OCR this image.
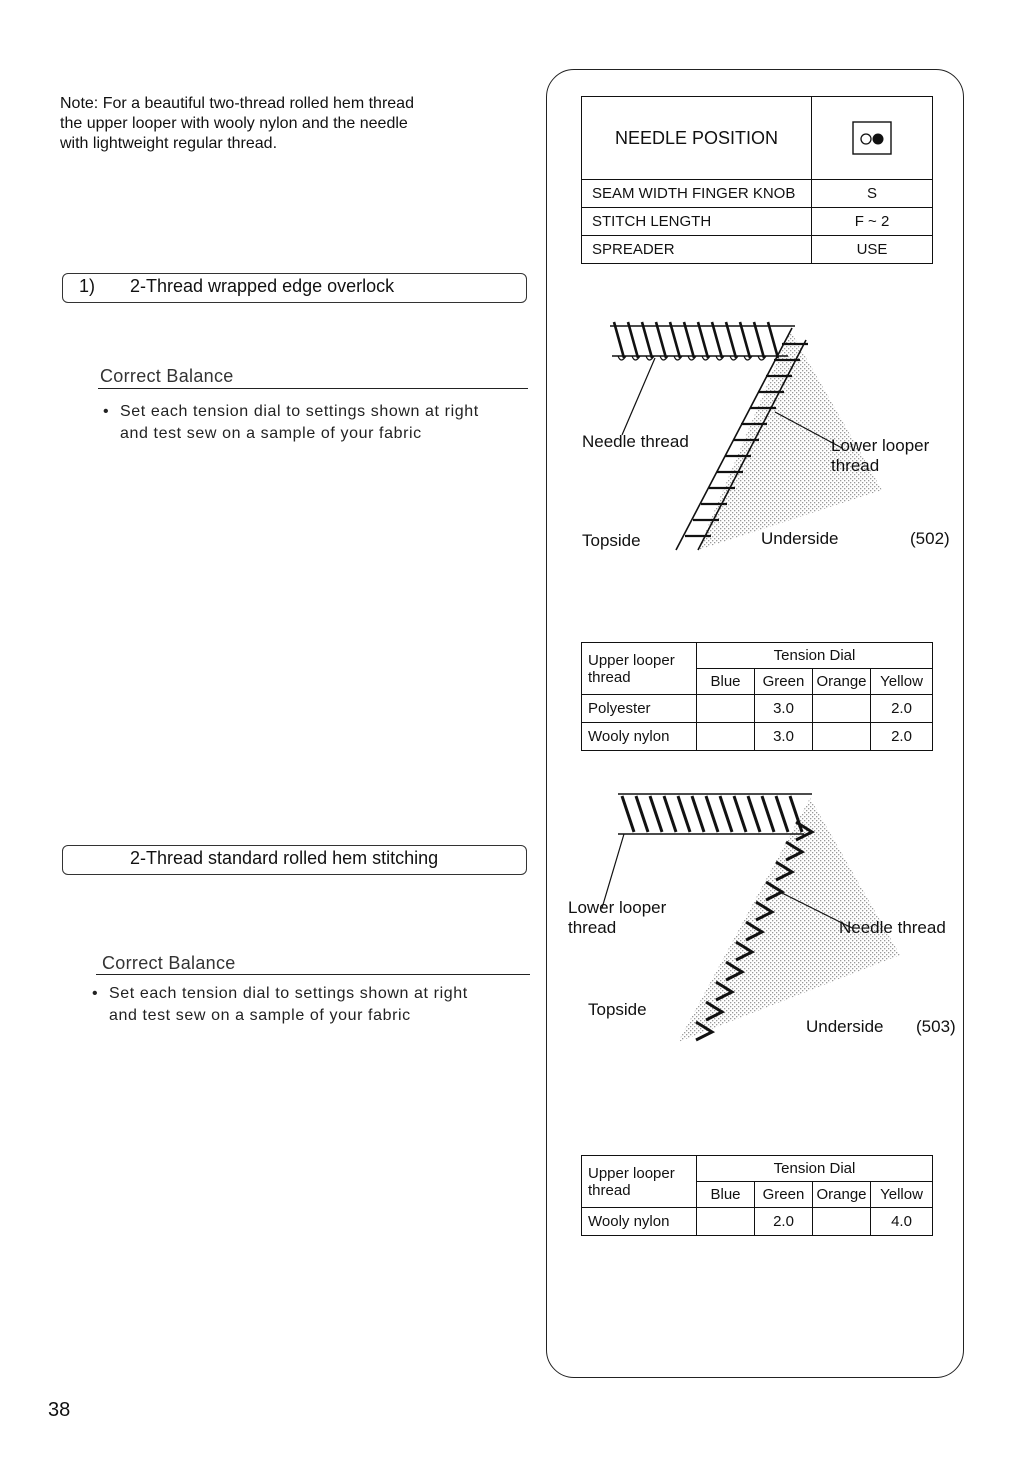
Note: For a beautiful two-thread rolled hem thread
the upper looper with wooly nylon and the needle
with lightweight regular thread.
1) 2-Thread wrapped edge overlock
Correct Balance
• Set each tension dial to settings shown at right
and test sew on a sample of your fabric
2-Thread standard rolled hem stitching
Correct Balance
• Set each tension dial to settings shown at right
and test sew on a sample of your fabric
38
NEEDLE POSITION	

SEAM WIDTH FINGER KNOB	S
STITCH LENGTH	F ~ 2
SPREADER	USE
Needle thread	Lower looper
thread
Topside	Underside	(502)
Upper looper
thread	Tension Dial			
	Blue	Green	Orange	Yellow
Polyester		3.0		2.0
Wooly nylon		3.0		2.0
Lower looper
thread	Needle thread
Topside
Underside (503)
Upper looper
thread	Tension Dial			
	Blue	Green	Orange	Yellow
Wooly nylon		2.0		4.0
